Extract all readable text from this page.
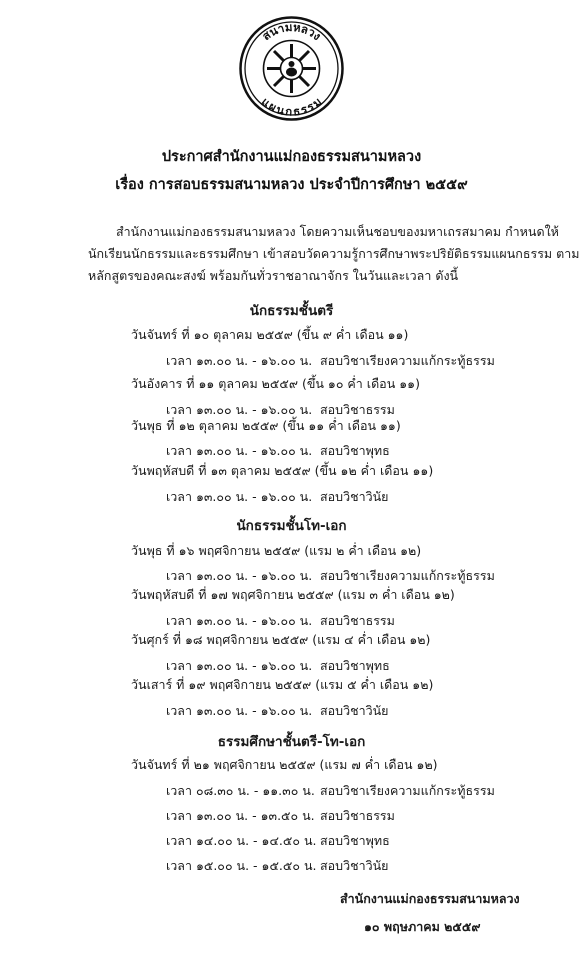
สนามหลวง
แผนกธรรม
ประกาศสำนักงานแม่กองธรรมสนามหลวง
เรื่อง การสอบธรรมสนามหลวง ประจำปีการศึกษา ๒๕๕๙
สำนักงานแม่กองธรรมสนามหลวง โดยความเห็นชอบของมหาเถรสมาคม กำหนดให้
นักเรียนนักธรรมและธรรมศึกษา เข้าสอบวัดความรู้การศึกษาพระปริยัติธรรมแผนกธรรม ตาม
หลักสูตรของคณะสงฆ์ พร้อมกันทั่วราชอาณาจักร ในวันและเวลา ดังนี้
นักธรรมชั้นตรี
วันจันทร์ ที่ ๑๐ ตุลาคม ๒๕๕๙ (ขึ้น ๙ ค่ำ เดือน ๑๑)
เวลา ๑๓.๐๐ น. - ๑๖.๐๐ น. สอบวิชาเรียงความแก้กระทู้ธรรม
วันอังคาร ที่ ๑๑ ตุลาคม ๒๕๕๙ (ขึ้น ๑๐ ค่ำ เดือน ๑๑)
เวลา ๑๓.๐๐ น. - ๑๖.๐๐ น. สอบวิชาธรรม
วันพุธ ที่ ๑๒ ตุลาคม ๒๕๕๙ (ขึ้น ๑๑ ค่ำ เดือน ๑๑)
เวลา ๑๓.๐๐ น. - ๑๖.๐๐ น. สอบวิชาพุทธ
วันพฤหัสบดี ที่ ๑๓ ตุลาคม ๒๕๕๙ (ขึ้น ๑๒ ค่ำ เดือน ๑๑)
เวลา ๑๓.๐๐ น. - ๑๖.๐๐ น. สอบวิชาวินัย
นักธรรมชั้นโท-เอก
วันพุธ ที่ ๑๖ พฤศจิกายน ๒๕๕๙ (แรม ๒ ค่ำ เดือน ๑๒)
เวลา ๑๓.๐๐ น. - ๑๖.๐๐ น. สอบวิชาเรียงความแก้กระทู้ธรรม
วันพฤหัสบดี ที่ ๑๗ พฤศจิกายน ๒๕๕๙ (แรม ๓ ค่ำ เดือน ๑๒)
เวลา ๑๓.๐๐ น. - ๑๖.๐๐ น. สอบวิชาธรรม
วันศุกร์ ที่ ๑๘ พฤศจิกายน ๒๕๕๙ (แรม ๔ ค่ำ เดือน ๑๒)
เวลา ๑๓.๐๐ น. - ๑๖.๐๐ น. สอบวิชาพุทธ
วันเสาร์ ที่ ๑๙ พฤศจิกายน ๒๕๕๙ (แรม ๕ ค่ำ เดือน ๑๒)
เวลา ๑๓.๐๐ น. - ๑๖.๐๐ น. สอบวิชาวินัย
ธรรมศึกษาชั้นตรี-โท-เอก
วันจันทร์ ที่ ๒๑ พฤศจิกายน ๒๕๕๙ (แรม ๗ ค่ำ เดือน ๑๒)
เวลา ๐๘.๓๐ น. - ๑๑.๓๐ น. สอบวิชาเรียงความแก้กระทู้ธรรม
เวลา ๑๓.๐๐ น. - ๑๓.๕๐ น. สอบวิชาธรรม
เวลา ๑๔.๐๐ น. - ๑๔.๕๐ น. สอบวิชาพุทธ
เวลา ๑๕.๐๐ น. - ๑๕.๕๐ น. สอบวิชาวินัย
สำนักงานแม่กองธรรมสนามหลวง
๑๐ พฤษภาคม ๒๕๕๙
